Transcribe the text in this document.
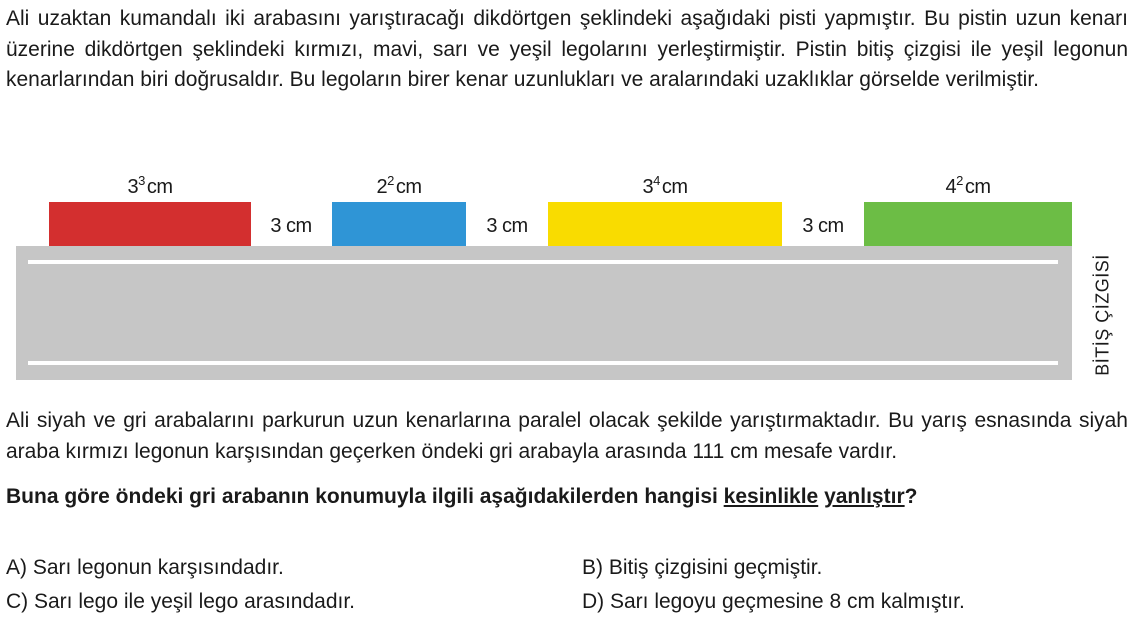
Ali uzaktan kumandalı iki arabasını yarıştıracağı dikdörtgen şeklindeki aşağıdaki pisti yapmıştır. Bu pistin uzun kenarı üzerine dikdörtgen şeklindeki kırmızı, mavi, sarı ve yeşil legolarını yerleştirmiştir. Pistin bitiş çizgisi ile yeşil legonun kenarlarından biri doğrusaldır. Bu legoların birer kenar uzunlukları ve aralarındaki uzaklıklar görselde verilmiştir.

$3^3$ cm	$2^2$ cm	$3^4$ cm	$4^2$ cm
3 cm	3 cm	3 cm
BİTİŞ ÇİZGİSİ

Ali siyah ve gri arabalarını parkurun uzun kenarlarına paralel olacak şekilde yarıştırmaktadır. Bu yarış esnasında siyah araba kırmızı legonun karşısından geçerken öndeki gri arabayla arasında 111 cm mesafe vardır.

Buna göre öndeki gri arabanın konumuyla ilgili aşağıdakilerden hangisi kesinlikle yanlıştır?

A) Sarı legonun karşısındadır.	B) Bitiş çizgisini geçmiştir.
C) Sarı lego ile yeşil lego arasındadır.	D) Sarı legoyu geçmesine 8 cm kalmıştır.
